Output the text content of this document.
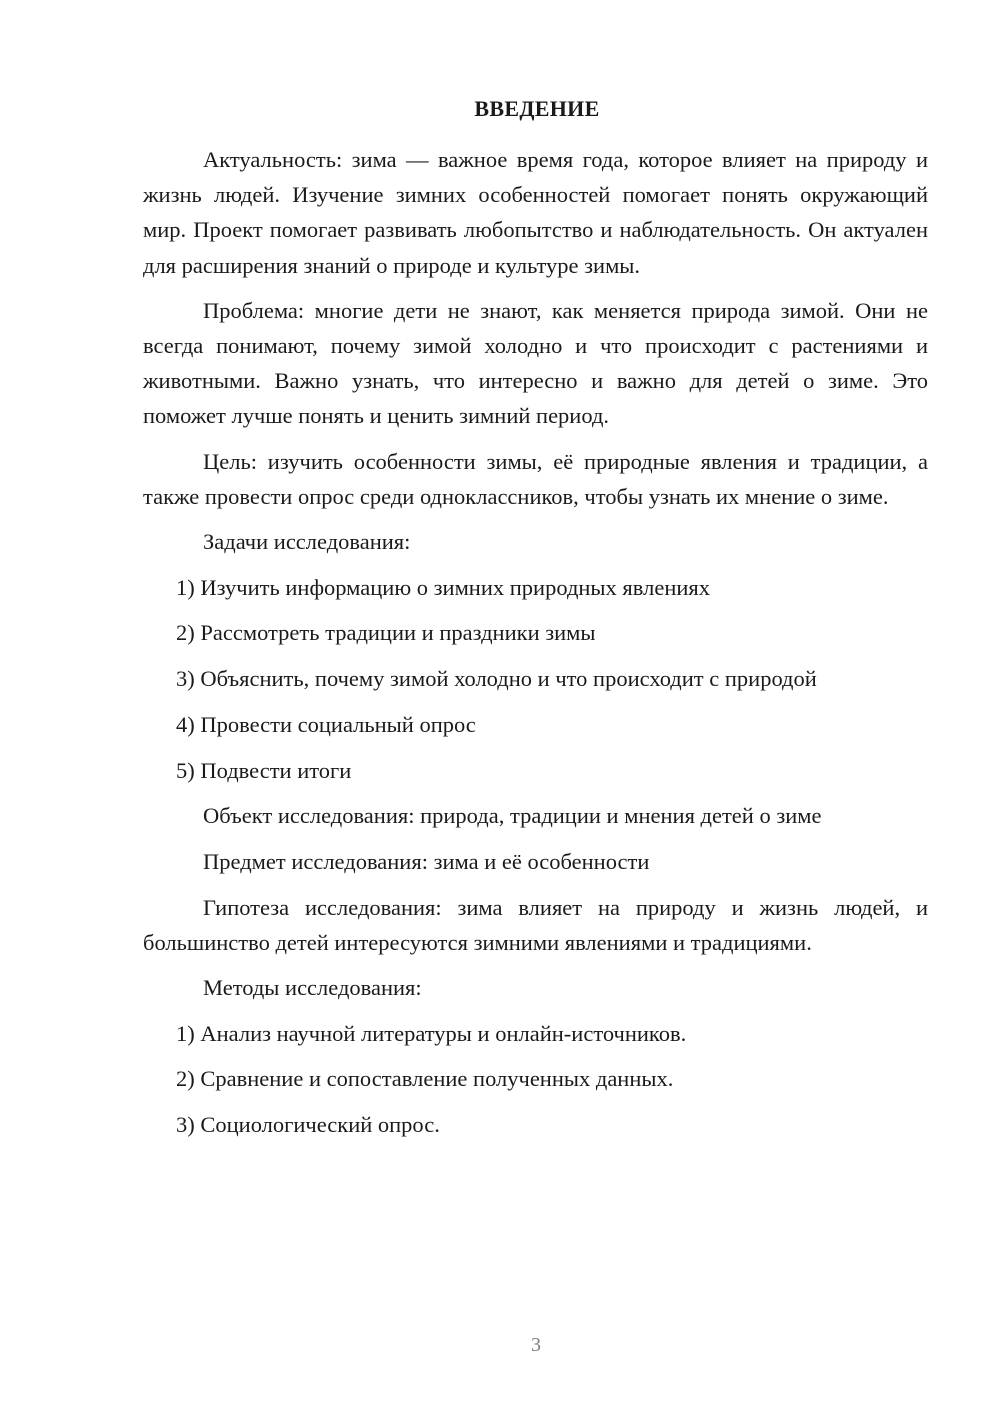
ВВЕДЕНИЕ

Актуальность: зима — важное время года, которое влияет на природу и жизнь людей. Изучение зимних особенностей помогает понять окружающий мир. Проект помогает развивать любопытство и наблюдательность. Он актуален для расширения знаний о природе и культуре зимы.

Проблема: многие дети не знают, как меняется природа зимой. Они не всегда понимают, почему зимой холодно и что происходит с растениями и животными. Важно узнать, что интересно и важно для детей о зиме. Это поможет лучше понять и ценить зимний период.

Цель: изучить особенности зимы, её природные явления и традиции, а также провести опрос среди одноклассников, чтобы узнать их мнение о зиме.

Задачи исследования:

1) Изучить информацию о зимних природных явлениях
2) Рассмотреть традиции и праздники зимы
3) Объяснить, почему зимой холодно и что происходит с природой
4) Провести социальный опрос
5) Подвести итоги

Объект исследования: природа, традиции и мнения детей о зиме

Предмет исследования: зима и её особенности

Гипотеза исследования: зима влияет на природу и жизнь людей, и большинство детей интересуются зимними явлениями и традициями.

Методы исследования:

1) Анализ научной литературы и онлайн-источников.
2) Сравнение и сопоставление полученных данных.
3) Социологический опрос.
3
